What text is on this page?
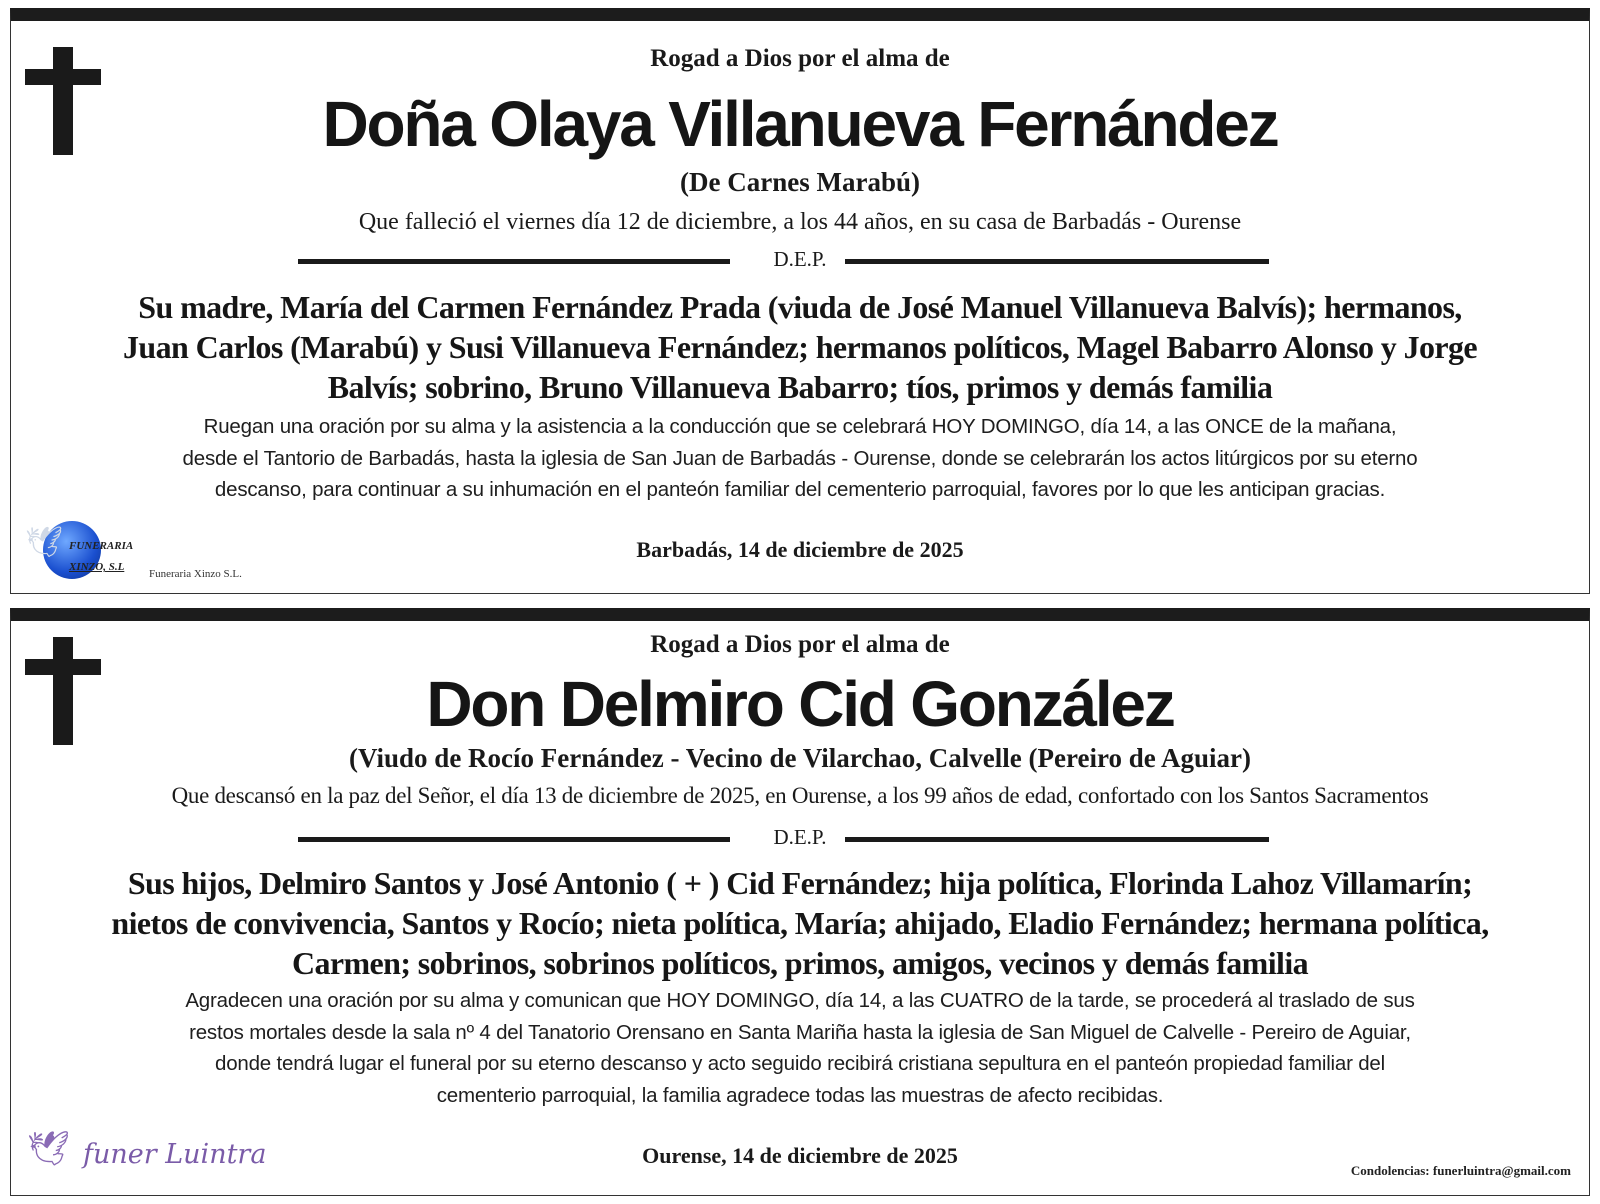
Rogad a Dios por el alma de

Doña Olaya Villanueva Fernández

(De Carnes Marabú)

Que falleció el viernes día 12 de diciembre, a los 44 años, en su casa de Barbadás - Ourense

D.E.P.
Su madre, María del Carmen Fernández Prada (viuda de José Manuel Villanueva Balvís); hermanos,
Juan Carlos (Marabú) y Susi Villanueva Fernández; hermanos políticos, Magel Babarro Alonso y Jorge
Balvís; sobrino, Bruno Villanueva Babarro; tíos, primos y demás familia
Ruegan una oración por su alma y la asistencia a la conducción que se celebrará HOY DOMINGO, día 14, a las ONCE de la mañana,
desde el Tantorio de Barbadás, hasta la iglesia de San Juan de Barbadás - Ourense, donde se celebrarán los actos litúrgicos por su eterno
descanso, para continuar a su inhumación en el panteón familiar del cementerio parroquial, favores por lo que les anticipan gracias.

Barbadás, 14 de diciembre de 2025

🕊 FUNERARIA
XINZO, S.L
Funeraria Xinzo S.L.

Rogad a Dios por el alma de

Don Delmiro Cid González

(Viudo de Rocío Fernández - Vecino de Vilarchao, Calvelle (Pereiro de Aguiar)

Que descansó en la paz del Señor, el día 13 de diciembre de 2025, en Ourense, a los 99 años de edad, confortado con los Santos Sacramentos

D.E.P.
Sus hijos, Delmiro Santos y José Antonio ( + ) Cid Fernández; hija política, Florinda Lahoz Villamarín;
nietos de convivencia, Santos y Rocío; nieta política, María; ahijado, Eladio Fernández; hermana política,
Carmen; sobrinos, sobrinos políticos, primos, amigos, vecinos y demás familia
Agradecen una oración por su alma y comunican que HOY DOMINGO, día 14, a las CUATRO de la tarde, se procederá al traslado de sus
restos mortales desde la sala nº 4 del Tanatorio Orensano en Santa Mariña hasta la iglesia de San Miguel de Calvelle - Pereiro de Aguiar,
donde tendrá lugar el funeral por su eterno descanso y acto seguido recibirá cristiana sepultura en el panteón propiedad familiar del
cementerio parroquial, la familia agradece todas las muestras de afecto recibidas.

Ourense, 14 de diciembre de 2025

🕊 funer Luintra
Condolencias: funerluintra@gmail.com
